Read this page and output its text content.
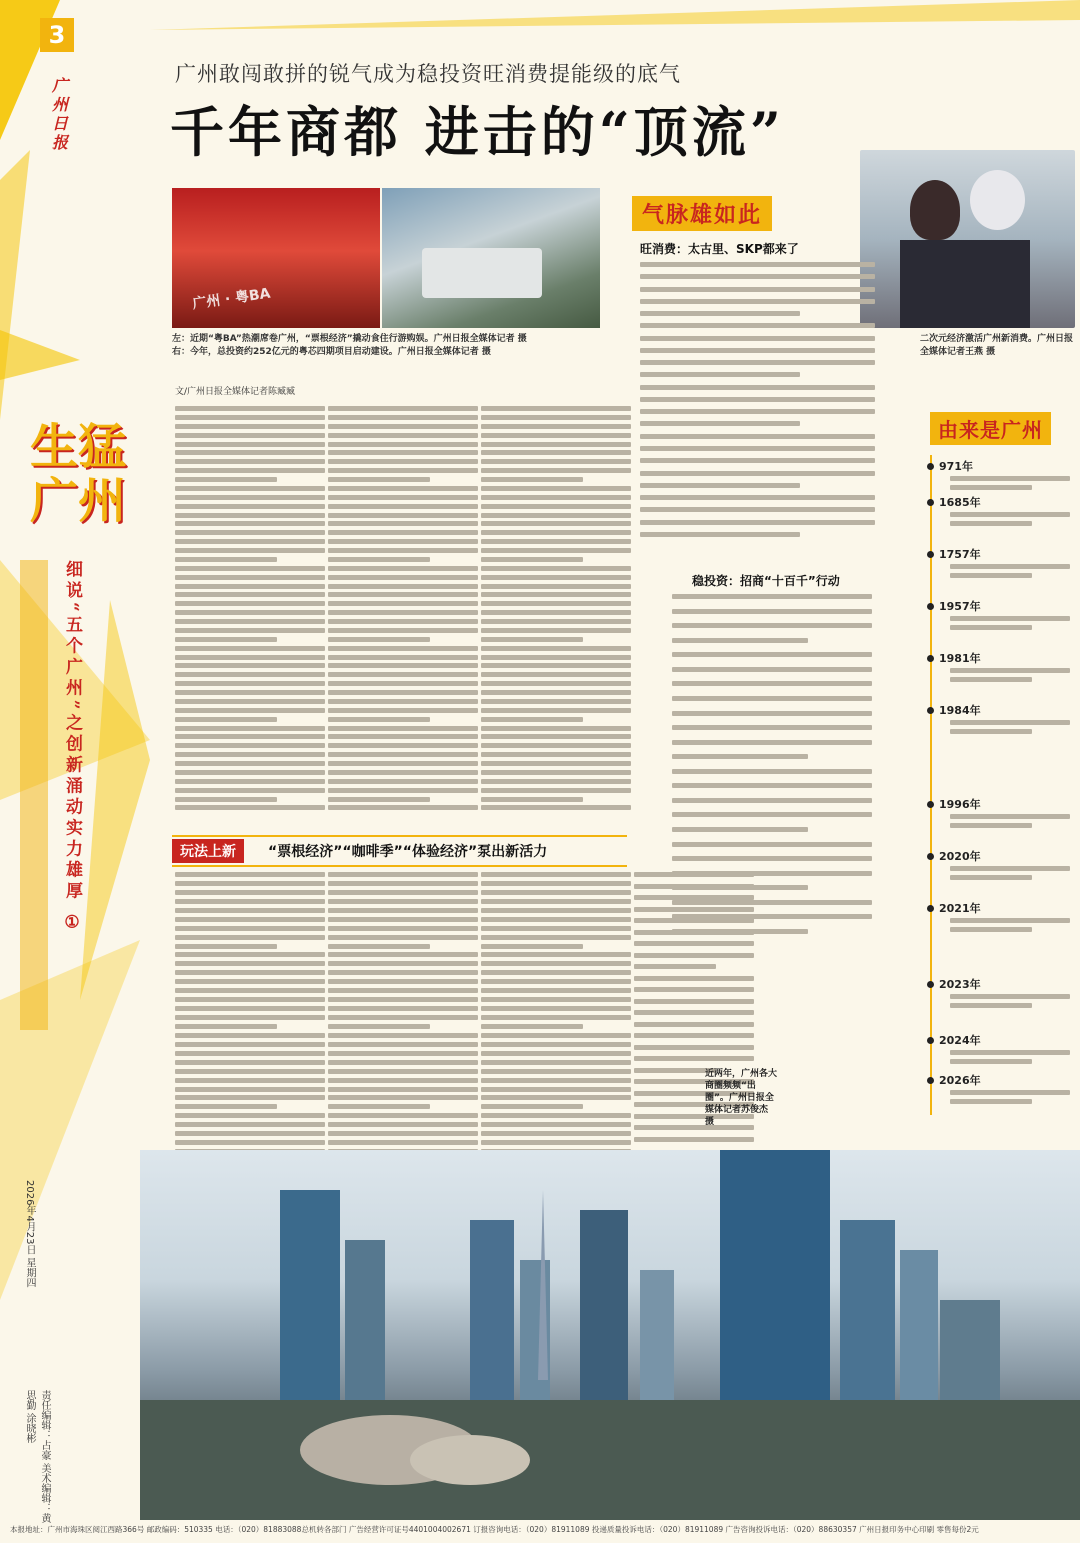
3
广州日报
广州敢闯敢拼的锐气成为稳投资旺消费提能级的底气
千年商都 进击的“顶流”
广州 · 粤BA
左：近期“粤BA”热潮席卷广州，“票根经济”撬动食住行游购娱。广州日报全媒体记者 摄
右：今年，总投资约252亿元的粤芯四期项目启动建设。广州日报全媒体记者 摄
二次元经济激活广州新消费。广州日报全媒体记者王燕 摄
气脉雄如此
旺消费：太古里、SKP都来了
稳投资：招商“十百千”行动
由来是广州
971年
1685年
1757年
1957年
1981年
1984年
1996年
2020年
2021年
2023年
2024年
2026年
文/广州日报全媒体记者陈臧臧
生猛广州
细说“五个广州”之创新涌动实力雄厚 ①	玩法上新	“票根经济”“咖啡季”“体验经济”泵出新活力
近两年，广州各大商圈频频“出圈”。广州日报全媒体记者苏俊杰 摄
2026年4月23日 星期四
责任编辑：占豪 美术编辑：黄思勤 涂晓彬
本报地址：广州市海珠区阅江西路366号 邮政编码：510335 电话：（020）81883088总机转各部门 广告经营许可证号4401004002671 订报咨询电话：（020）81911089 投递质量投诉电话：（020）81911089 广告咨询投诉电话：（020）88630357 广州日报印务中心印刷 零售每份2元
